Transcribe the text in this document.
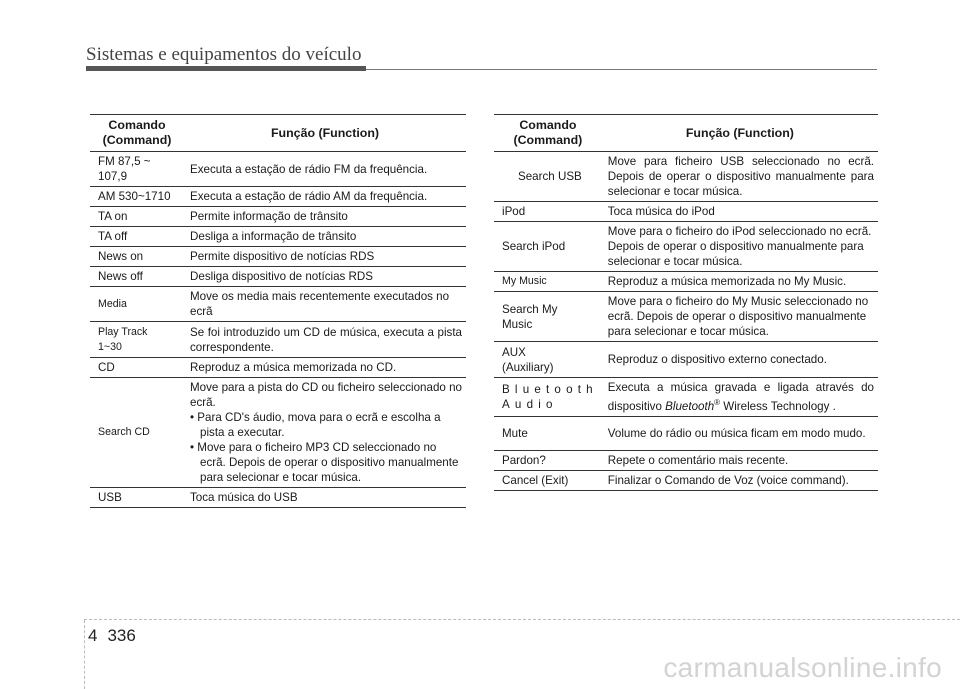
Sistemas e equipamentos do veículo
Comando
(Command)	Função (Function)
FM 87,5 ~ 107,9	Executa a estação de rádio FM da frequência.
AM 530~1710	Executa a estação de rádio AM da frequência.
TA on	Permite informação de trânsito
TA off	Desliga a informação de trânsito
News on	Permite dispositivo de notícias RDS
News off	Desliga dispositivo de notícias RDS
Media	Move os media mais recentemente executados no ecrã
Play Track 1~30	Se foi introduzido um CD de música, executa a pista correspondente.
CD	Reproduz a música memorizada no CD.
Search CD	Move para a pista do CD ou ficheiro seleccionado no ecrã.
• Para CD's áudio, mova para o ecrã e escolha a pista a executar.
• Move para o ficheiro MP3 CD seleccionado no ecrã. Depois de operar o dispositivo manualmente para selecionar e tocar música.

USB	Toca música do USB
Comando
(Command)	Função (Function)
Search USB	Move para ficheiro USB seleccionado no ecrã. Depois de operar o dispositivo manualmente para selecionar e tocar música.
iPod	Toca música do iPod
Search iPod	Move para o ficheiro do iPod seleccionado no ecrã. Depois de operar o dispositivo manualmente para selecionar e tocar música.
My Music	Reproduz a música memorizada no My Music.
Search My Music	Move para o ficheiro do My Music seleccionado no ecrã. Depois de operar o dispositivo manualmente para selecionar e tocar música.
AUX (Auxiliary)	Reproduz o dispositivo externo conectado.
Bluetooth Audio	Executa a música gravada e ligada através do dispositivo Bluetooth® Wireless Technology .
Mute	Volume do rádio ou música ficam em modo mudo.
Pardon?	Repete o comentário mais recente.
Cancel (Exit)	Finalizar o Comando de Voz (voice command).
4 336
carmanualsonline.info
